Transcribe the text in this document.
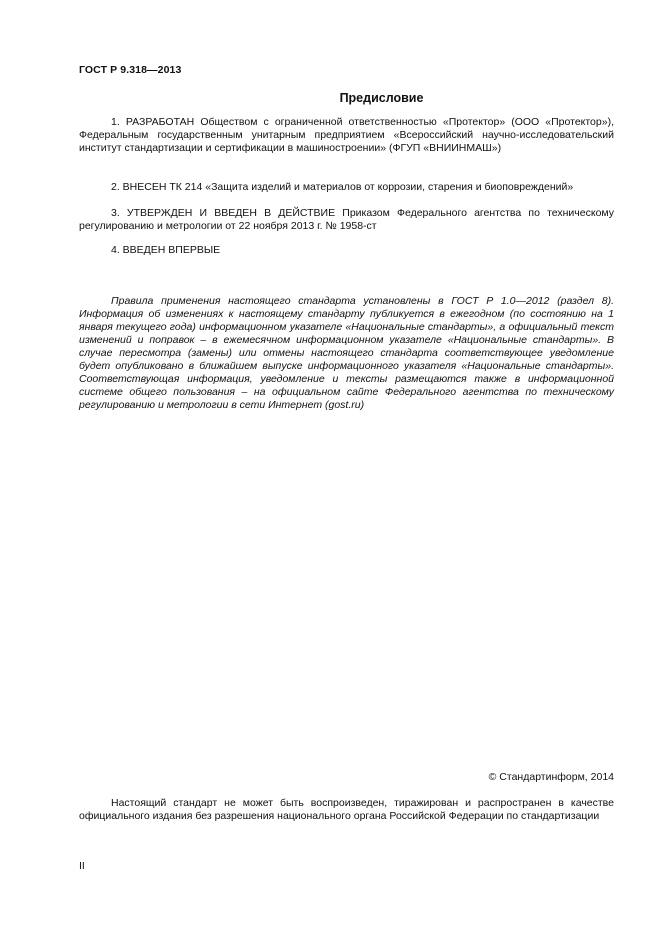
ГОСТ Р 9.318—2013
Предисловие

1. РАЗРАБОТАН Обществом с ограниченной ответственностью «Протектор» (ООО «Протектор»), Федеральным государственным унитарным предприятием «Всероссийский научно-исследовательский институт стандартизации и сертификации в машиностроении» (ФГУП «ВНИИНМАШ»)

2. ВНЕСЕН ТК 214 «Защита изделий и материалов от коррозии, старения и биоповреждений»

3. УТВЕРЖДЕН И ВВЕДЕН В ДЕЙСТВИЕ Приказом Федерального агентства по техническому регулированию и метрологии от 22 ноября 2013 г. № 1958-ст

4. ВВЕДЕН ВПЕРВЫЕ

Правила применения настоящего стандарта установлены в ГОСТ Р 1.0—2012 (раздел 8). Информация об изменениях к настоящему стандарту публикуется в ежегодном (по состоянию на 1 января текущего года) информационном указателе «Национальные стандарты», а официальный текст изменений и поправок – в ежемесячном информационном указателе «Национальные стандарты». В случае пересмотра (замены) или отмены настоящего стандарта соответствующее уведомление будет опубликовано в ближайшем выпуске информационного указателя «Национальные стандарты». Соответствующая информация, уведомление и тексты размещаются также в информационной системе общего пользования – на официальном сайте Федерального агентства по техническому регулированию и метрологии в сети Интернет (gost.ru)

© Стандартинформ, 2014

Настоящий стандарт не может быть воспроизведен, тиражирован и распространен в качестве официального издания без разрешения национального органа Российской Федерации по стандартизации

II
